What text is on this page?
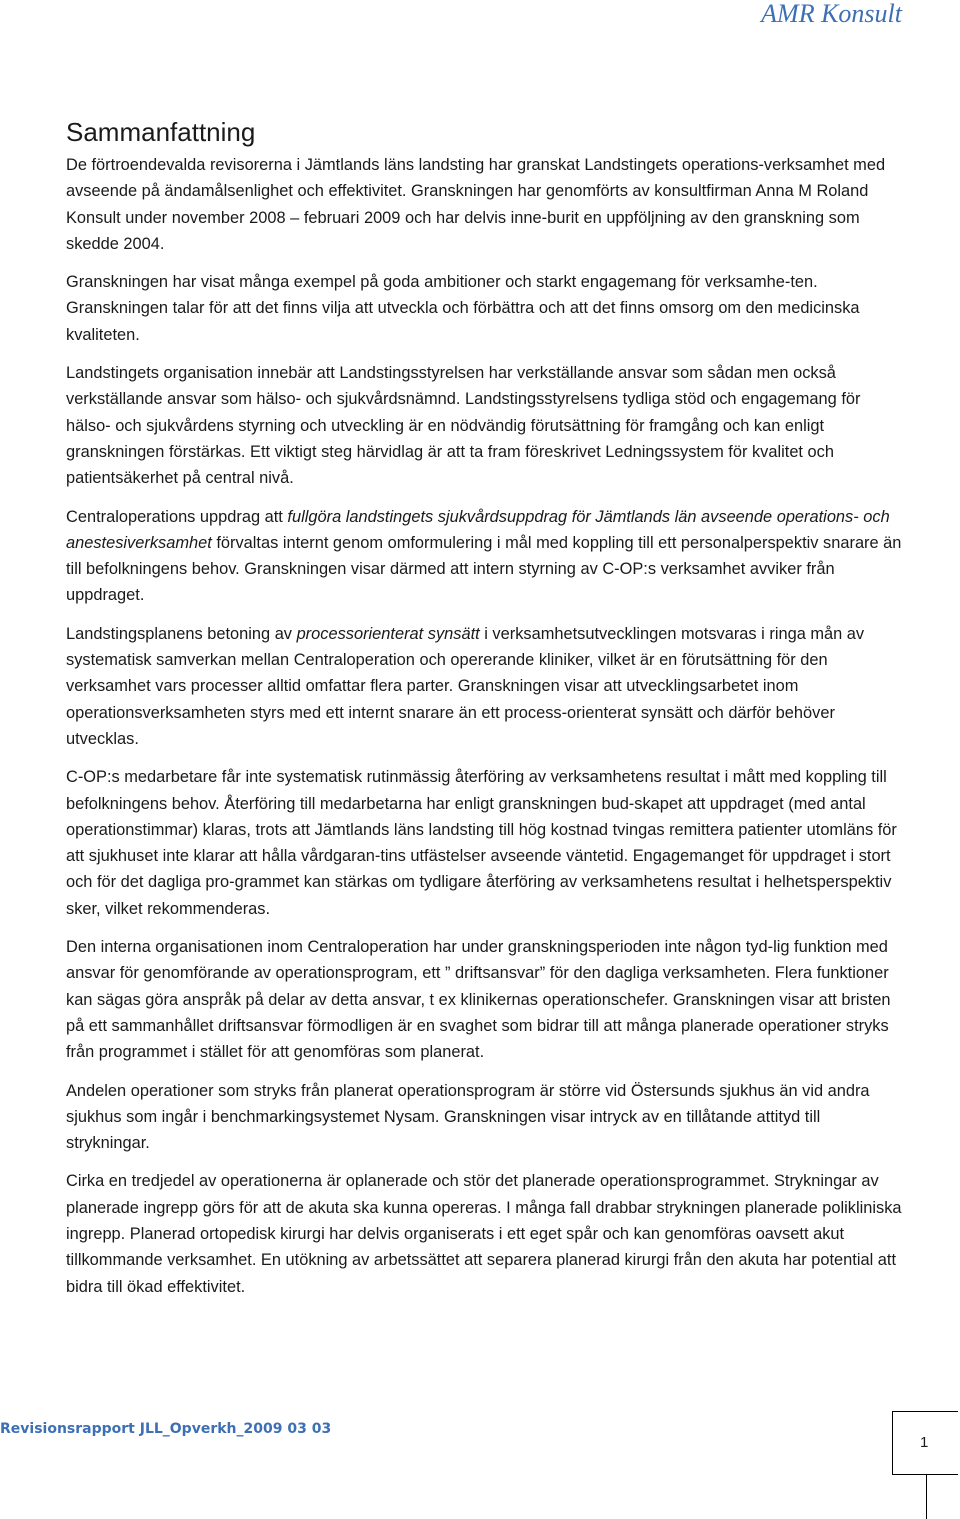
AMR Konsult
Sammanfattning

De förtroendevalda revisorerna i Jämtlands läns landsting har granskat Landstingets operations-verksamhet med avseende på ändamålsenlighet och effektivitet. Granskningen har genomförts av konsultfirman Anna M Roland Konsult under november 2008 – februari 2009 och har delvis inne-burit en uppföljning av den granskning som skedde 2004.

Granskningen har visat många exempel på goda ambitioner och starkt engagemang för verksamhe-ten. Granskningen talar för att det finns vilja att utveckla och förbättra och att det finns omsorg om den medicinska kvaliteten.

Landstingets organisation innebär att Landstingsstyrelsen har verkställande ansvar som sådan men också verkställande ansvar som hälso- och sjukvårdsnämnd. Landstingsstyrelsens tydliga stöd och engagemang för hälso- och sjukvårdens styrning och utveckling är en nödvändig förutsättning för framgång och kan enligt granskningen förstärkas. Ett viktigt steg härvidlag är att ta fram föreskrivet Ledningssystem för kvalitet och patientsäkerhet på central nivå.

Centraloperations uppdrag att fullgöra landstingets sjukvårdsuppdrag för Jämtlands län avseende operations- och anestesiverksamhet förvaltas internt genom omformulering i mål med koppling till ett personalperspektiv snarare än till befolkningens behov. Granskningen visar därmed att intern styrning av C-OP:s verksamhet avviker från uppdraget.

Landstingsplanens betoning av processorienterat synsätt i verksamhetsutvecklingen motsvaras i ringa mån av systematisk samverkan mellan Centraloperation och opererande kliniker, vilket är en förutsättning för den verksamhet vars processer alltid omfattar flera parter. Granskningen visar att utvecklingsarbetet inom operationsverksamheten styrs med ett internt snarare än ett process-orienterat synsätt och därför behöver utvecklas.

C-OP:s medarbetare får inte systematisk rutinmässig återföring av verksamhetens resultat i mått med koppling till befolkningens behov. Återföring till medarbetarna har enligt granskningen bud-skapet att uppdraget (med antal operationstimmar) klaras, trots att Jämtlands läns landsting till hög kostnad tvingas remittera patienter utomläns för att sjukhuset inte klarar att hålla vårdgaran-tins utfästelser avseende väntetid. Engagemanget för uppdraget i stort och för det dagliga pro-grammet kan stärkas om tydligare återföring av verksamhetens resultat i helhetsperspektiv sker, vilket rekommenderas.

Den interna organisationen inom Centraloperation har under granskningsperioden inte någon tyd-lig funktion med ansvar för genomförande av operationsprogram, ett ” driftsansvar” för den dagliga verksamheten. Flera funktioner kan sägas göra anspråk på delar av detta ansvar, t ex klinikernas operationschefer. Granskningen visar att bristen på ett sammanhållet driftsansvar förmodligen är en svaghet som bidrar till att många planerade operationer stryks från programmet i stället för att genomföras som planerat.

Andelen operationer som stryks från planerat operationsprogram är större vid Östersunds sjukhus än vid andra sjukhus som ingår i benchmarkingsystemet Nysam. Granskningen visar intryck av en tillåtande attityd till strykningar.

Cirka en tredjedel av operationerna är oplanerade och stör det planerade operationsprogrammet. Strykningar av planerade ingrepp görs för att de akuta ska kunna opereras. I många fall drabbar strykningen planerade polikliniska ingrepp. Planerad ortopedisk kirurgi har delvis organiserats i ett eget spår och kan genomföras oavsett akut tillkommande verksamhet. En utökning av arbetssättet att separera planerad kirurgi från den akuta har potential att bidra till ökad effektivitet.

Revisionsrapport JLL_Opverkh_2009 03 03
1
